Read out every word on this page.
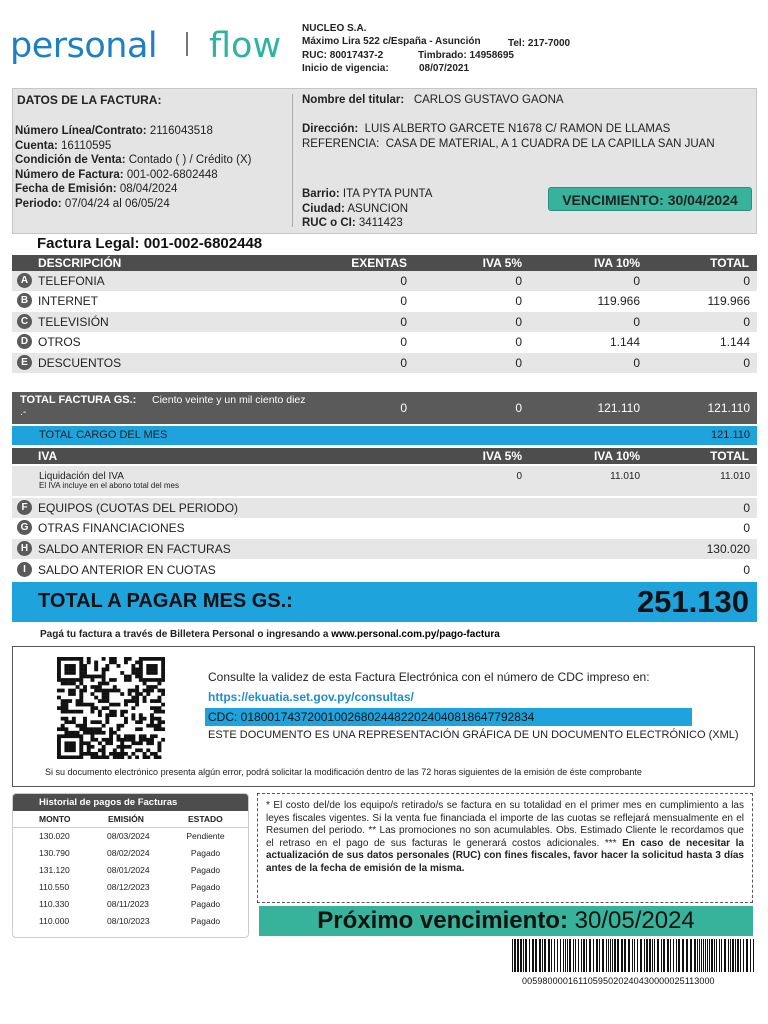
personal flow NUCLEO S.A.
Máximo Lira 522 c/España - Asunción	Tel: 217-7000
RUC: 80017437-2	Timbrado: 14958695
Inicio de vigencia:	08/07/2021
DATOS DE LA FACTURA:
Número Línea/Contrato: 2116043518
Cuenta: 16110595
Condición de Venta: Contado ( ) / Crédito (X)
Número de Factura: 001-002-6802448
Fecha de Emisión: 08/04/2024
Periodo: 07/04/24 al 06/05/24
Nombre del titular: CARLOS GUSTAVO GAONA
Dirección: LUIS ALBERTO GARCETE N1678 C/ RAMON DE LLAMAS
REFERENCIA: CASA DE MATERIAL, A 1 CUADRA DE LA CAPILLA SAN JUAN
Barrio: ITA PYTA PUNTA
Ciudad: ASUNCION
RUC o CI: 3411423
VENCIMIENTO: 30/04/2024
Factura Legal: 001-002-6802448
DESCRIPCIÓN	EXENTAS	IVA 5%	IVA 10%	TOTAL
A TELEFONIA	0	0	0	0
B INTERNET	0	0	119.966	119.966
C TELEVISIÓN	0	0	0	0
D OTROS	0	0	1.144	1.144
E DESCUENTOS	0	0	0	0
TOTAL FACTURA GS.:	Ciento veinte y un mil ciento diez .-	0	0	121.110	121.110
TOTAL CARGO DEL MES	121.110
IVA	IVA 5%	IVA 10%	TOTAL
Liquidación del IVA	0	11.010	11.010
El IVA incluye en el abono total del mes
F EQUIPOS (CUOTAS DEL PERIODO)	0
G OTRAS FINANCIACIONES	0
H SALDO ANTERIOR EN FACTURAS	130.020
I	SALDO ANTERIOR EN CUOTAS	0
TOTAL A PAGAR MES GS.:	251.130
Pagá tu factura a través de Billetera Personal o ingresando a www.personal.com.py/pago-factura
Consulte la validez de esta Factura Electrónica con el número de CDC impreso en:
https://ekuatia.set.gov.py/consultas/
CDC: 01800174372001002680244822024040818647792834
ESTE DOCUMENTO ES UNA REPRESENTACIÓN GRÁFICA DE UN DOCUMENTO ELECTRÓNICO (XML)
Si su documento electrónico presenta algún error, podrá solicitar la modificación dentro de las 72 horas siguientes de la emisión de éste comprobante
Historial de pagos de Facturas
MONTO	EMISIÓN	ESTADO
130.020	08/03/2024	Pendiente
130.790	08/02/2024	Pagado
131.120	08/01/2024	Pagado
110.550	08/12/2023	Pagado
110.330	08/11/2023	Pagado
110.000	08/10/2023	Pagado
* El costo del/de los equipo/s retirado/s se factura en su totalidad en el primer mes en cumplimiento a las leyes fiscales vigentes. Si la venta fue financiada el importe de las cuotas se reflejará mensualmente en el Resumen del periodo. ** Las promociones no son acumulables. Obs. Estimado Cliente le recordamos que el retraso en el pago de sus facturas le generará costos adicionales. *** En caso de necesitar la actualización de sus datos personales (RUC) con fines fiscales, favor hacer la solicitud hasta 3 días antes de la fecha de emisión de la misma.
Próximo vencimiento: 30/05/2024
00598000016110595020240430000025113000
